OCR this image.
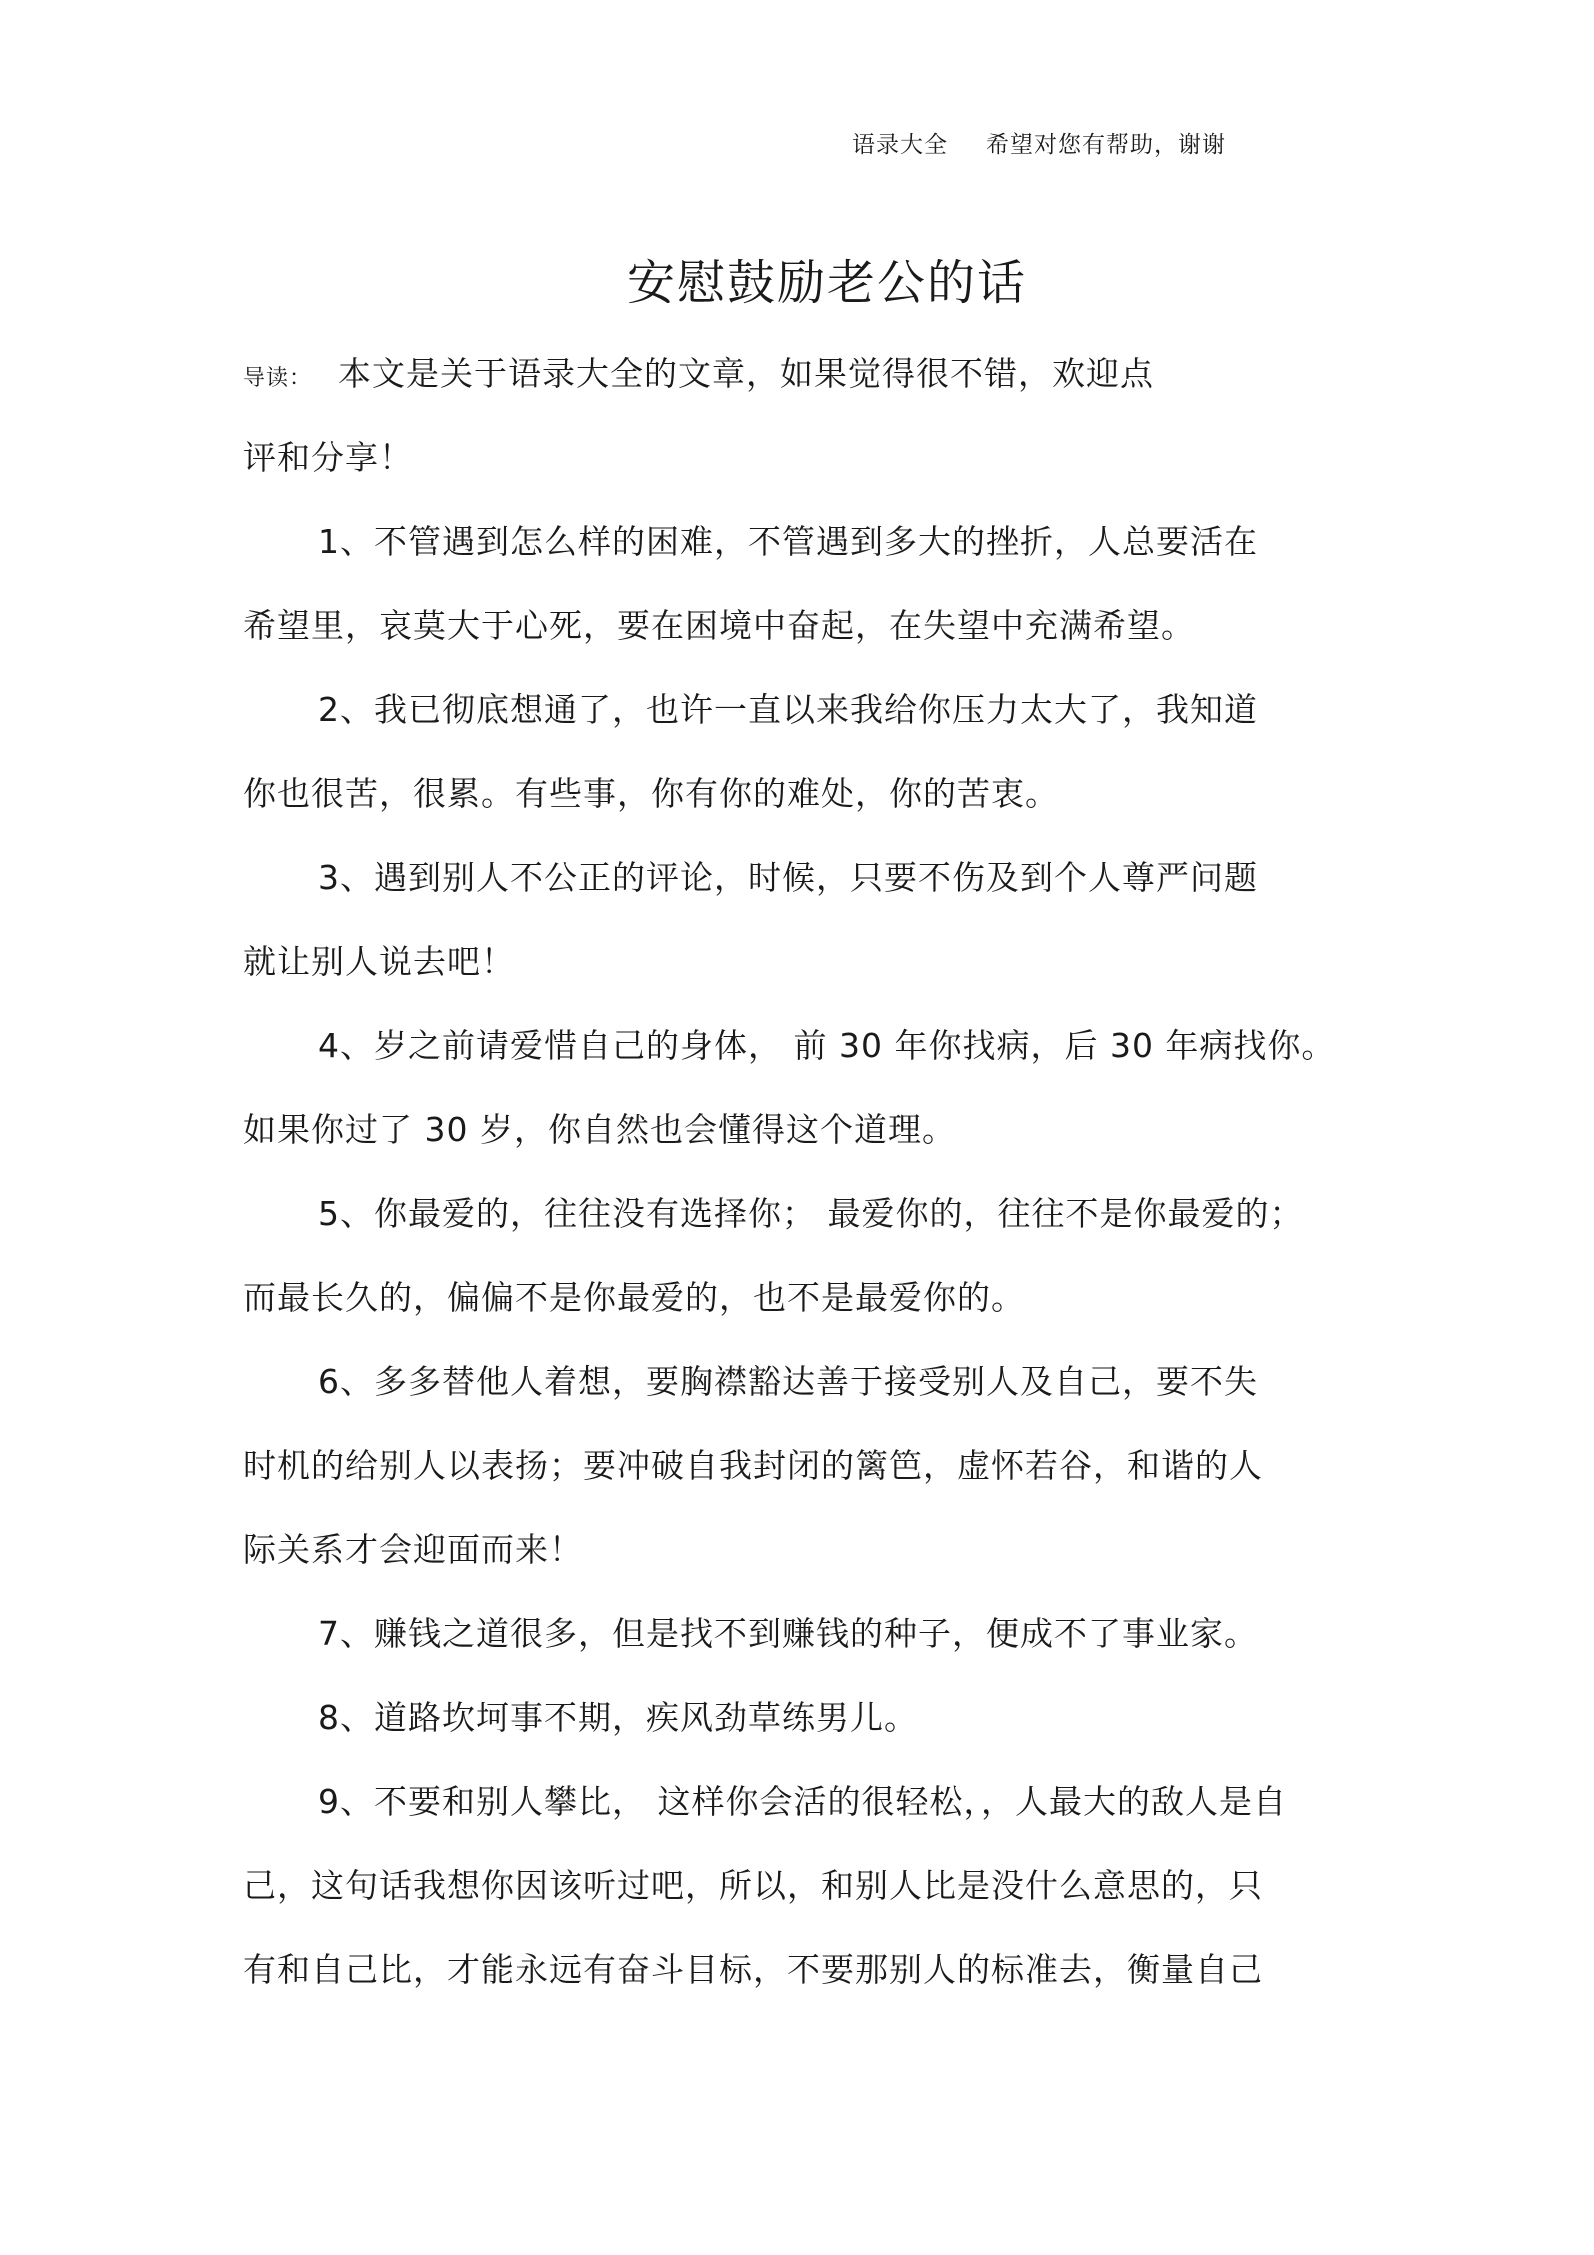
语录大全 希望对您有帮助，谢谢
安慰鼓励老公的话
导读： 本文是关于语录大全的文章，如果觉得很不错，欢迎点
评和分享！
1、不管遇到怎么样的困难，不管遇到多大的挫折，人总要活在
希望里，哀莫大于心死，要在困境中奋起，在失望中充满希望。
2、我已彻底想通了，也许一直以来我给你压力太大了，我知道
你也很苦，很累。有些事，你有你的难处，你的苦衷。
3、遇到别人不公正的评论，时候，只要不伤及到个人尊严问题
就让别人说去吧！
4、岁之前请爱惜自己的身体， 前 30 年你找病，后 30 年病找你。
如果你过了 30 岁，你自然也会懂得这个道理。
5、你最爱的，往往没有选择你； 最爱你的，往往不是你最爱的；
而最长久的，偏偏不是你最爱的，也不是最爱你的。
6、多多替他人着想，要胸襟豁达善于接受别人及自己，要不失
时机的给别人以表扬；要冲破自我封闭的篱笆，虚怀若谷，和谐的人
际关系才会迎面而来！
7、赚钱之道很多，但是找不到赚钱的种子，便成不了事业家。
8、道路坎坷事不期，疾风劲草练男儿。
9、不要和别人攀比， 这样你会活的很轻松，，人最大的敌人是自
己，这句话我想你因该听过吧，所以，和别人比是没什么意思的，只
有和自己比，才能永远有奋斗目标，不要那别人的标准去，衡量自己
